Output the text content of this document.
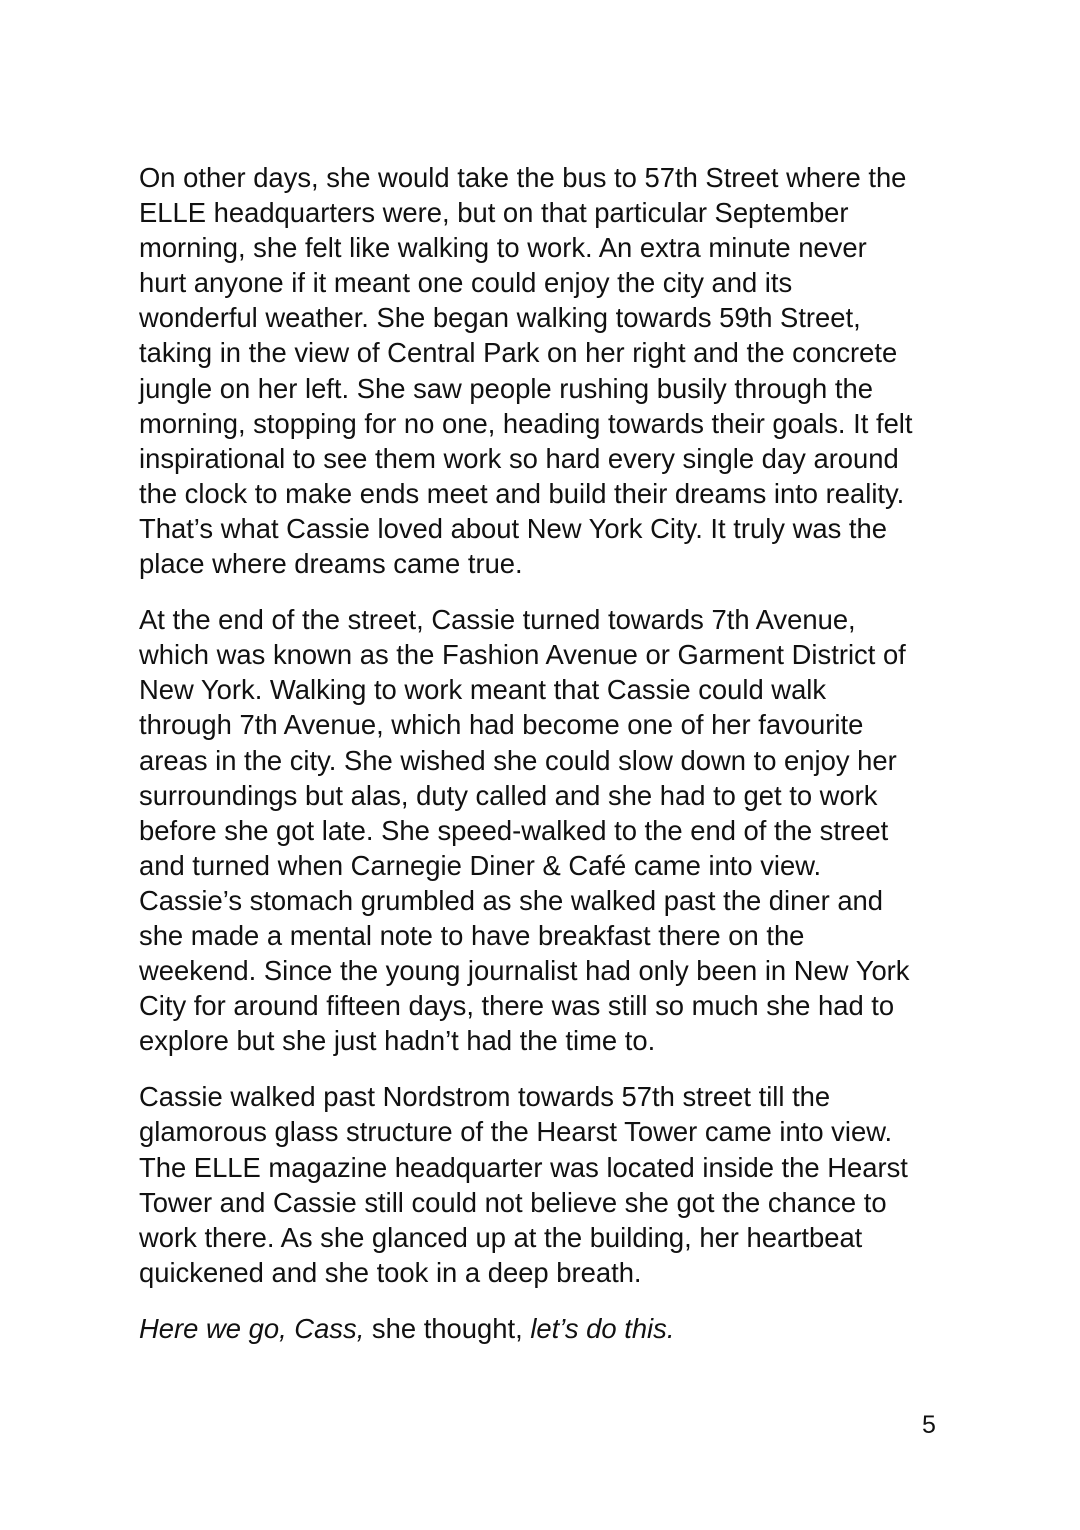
On other days, she would take the bus to 57th Street where the
ELLE headquarters were, but on that particular September
morning, she felt like walking to work. An extra minute never
hurt anyone if it meant one could enjoy the city and its
wonderful weather. She began walking towards 59th Street,
taking in the view of Central Park on her right and the concrete
jungle on her left. She saw people rushing busily through the
morning, stopping for no one, heading towards their goals. It felt
inspirational to see them work so hard every single day around
the clock to make ends meet and build their dreams into reality.
That’s what Cassie loved about New York City. It truly was the
place where dreams came true.

At the end of the street, Cassie turned towards 7th Avenue,
which was known as the Fashion Avenue or Garment District of
New York. Walking to work meant that Cassie could walk
through 7th Avenue, which had become one of her favourite
areas in the city. She wished she could slow down to enjoy her
surroundings but alas, duty called and she had to get to work
before she got late. She speed-walked to the end of the street
and turned when Carnegie Diner & Café came into view.
Cassie’s stomach grumbled as she walked past the diner and
she made a mental note to have breakfast there on the
weekend. Since the young journalist had only been in New York
City for around fifteen days, there was still so much she had to
explore but she just hadn’t had the time to.

Cassie walked past Nordstrom towards 57th street till the
glamorous glass structure of the Hearst Tower came into view.
The ELLE magazine headquarter was located inside the Hearst
Tower and Cassie still could not believe she got the chance to
work there. As she glanced up at the building, her heartbeat
quickened and she took in a deep breath.

Here we go, Cass, she thought, let’s do this.

5
